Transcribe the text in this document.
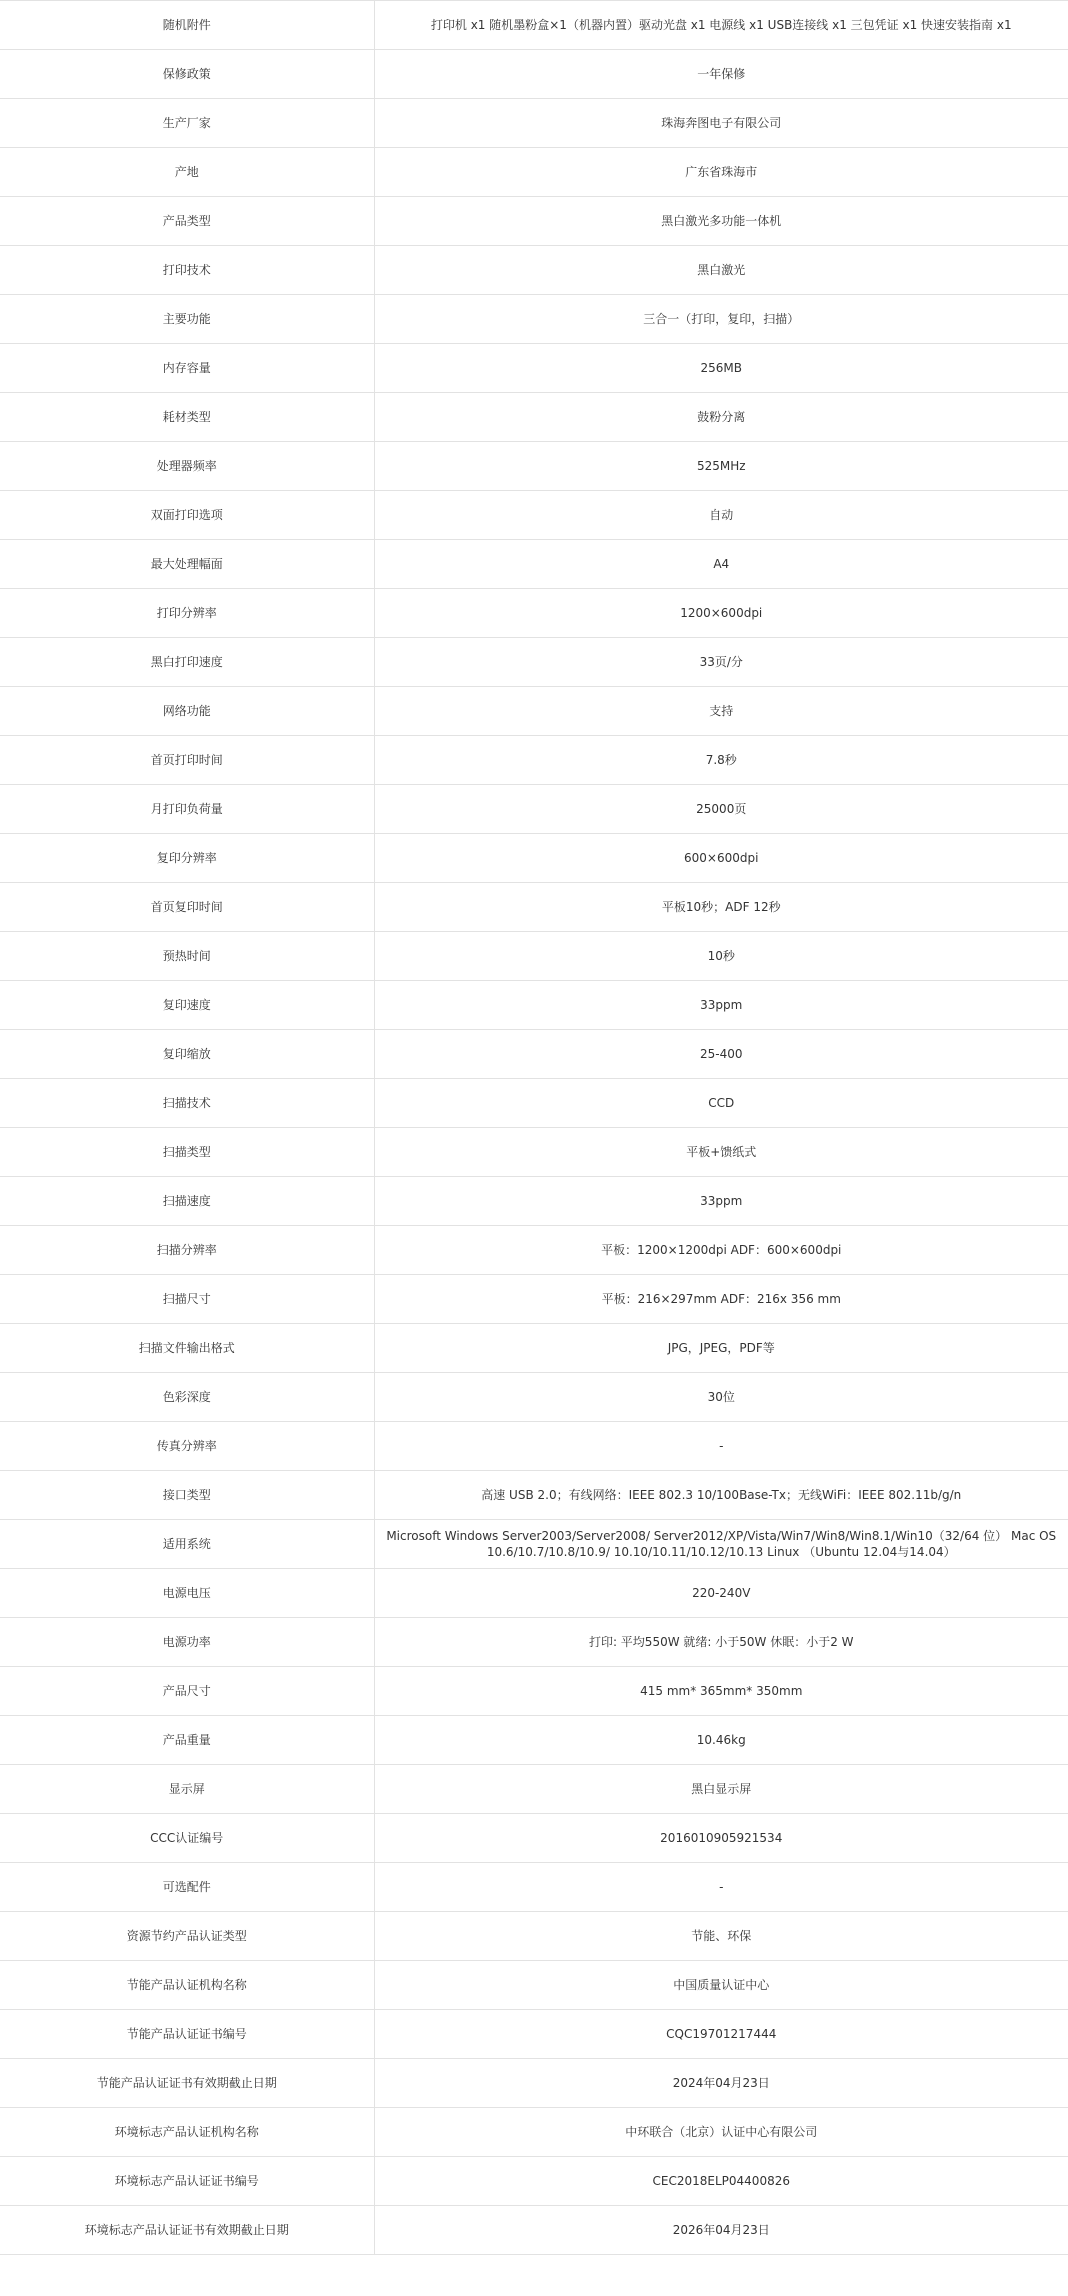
随机附件	打印机 x1 随机墨粉盒×1（机器内置）驱动光盘 x1 电源线 x1 USB连接线 x1 三包凭证 x1 快速安装指南 x1
保修政策	一年保修
生产厂家	珠海奔图电子有限公司
产地	广东省珠海市
产品类型	黑白激光多功能一体机
打印技术	黑白激光
主要功能	三合一（打印，复印，扫描）
内存容量	256MB
耗材类型	鼓粉分离
处理器频率	525MHz
双面打印选项	自动
最大处理幅面	A4
打印分辨率	1200×600dpi
黑白打印速度	33页/分
网络功能	支持
首页打印时间	7.8秒
月打印负荷量	25000页
复印分辨率	600×600dpi
首页复印时间	平板10秒；ADF 12秒
预热时间	10秒
复印速度	33ppm
复印缩放	25-400
扫描技术	CCD
扫描类型	平板+馈纸式
扫描速度	33ppm
扫描分辨率	平板：1200×1200dpi ADF：600×600dpi
扫描尺寸	平板：216×297mm ADF：216x 356 mm
扫描文件输出格式	JPG，JPEG，PDF等
色彩深度	30位
传真分辨率	-
接口类型	高速 USB 2.0；有线网络：IEEE 802.3 10/100Base-Tx；无线WiFi：IEEE 802.11b/g/n
适用系统	Microsoft Windows Server2003/Server2008/ Server2012/XP/Vista/Win7/Win8/Win8.1/Win10（32/64 位） Mac OS 10.6/10.7/10.8/10.9/ 10.10/10.11/10.12/10.13 Linux （Ubuntu 12.04与14.04）
电源电压	220-240V
电源功率	打印: 平均550W 就绪: 小于50W 休眠：小于2 W
产品尺寸	415 mm* 365mm* 350mm
产品重量	10.46kg
显示屏	黑白显示屏
CCC认证编号	2016010905921534
可选配件	-
资源节约产品认证类型	节能、环保
节能产品认证机构名称	中国质量认证中心
节能产品认证证书编号	CQC19701217444
节能产品认证证书有效期截止日期	2024年04月23日
环境标志产品认证机构名称	中环联合（北京）认证中心有限公司
环境标志产品认证证书编号	CEC2018ELP04400826
环境标志产品认证证书有效期截止日期	2026年04月23日
